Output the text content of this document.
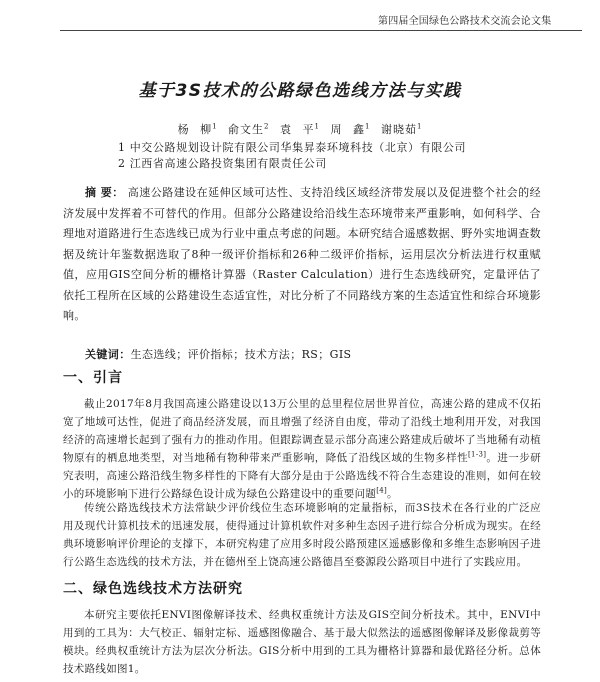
第四届全国绿色公路技术交流会论文集
基于3S技术的公路绿色选线方法与实践
杨 柳$^1$ 俞文生$^2$ 袁 平$^1$ 周 鑫$^1$ 谢晓茹$^1$
1 中交公路规划设计院有限公司华集昇泰环境科技（北京）有限公司
2 江西省高速公路投资集团有限责任公司
摘 要： 高速公路建设在延伸区域可达性、支持沿线区域经济带发展以及促进整个社会的经济发展中发挥着不可替代的作用。但部分公路建设给沿线生态环境带来严重影响，如何科学、合理地对道路进行生态选线已成为行业中重点考虑的问题。本研究结合遥感数据、野外实地调查数据及统计年鉴数据选取了8种一级评价指标和26种二级评价指标，运用层次分析法进行权重赋值，应用GIS空间分析的栅格计算器（Raster Calculation）进行生态选线研究，定量评估了依托工程所在区域的公路建设生态适宜性，对比分析了不同路线方案的生态适宜性和综合环境影响。
关键词：生态选线；评价指标；技术方法；RS；GIS
一、引言
截止2017年8月我国高速公路建设以13万公里的总里程位居世界首位，高速公路的建成不仅拓宽了地域可达性，促进了商品经济发展，而且增强了经济自由度，带动了沿线土地利用开发，对我国经济的高速增长起到了强有力的推动作用。但跟踪调查显示部分高速公路建成后破坏了当地稀有动植物原有的栖息地类型，对当地稀有物种带来严重影响，降低了沿线区域的生物多样性[1-3]。进一步研究表明，高速公路沿线生物多样性的下降有大部分是由于公路选线不符合生态建设的准则，如何在较小的环境影响下进行公路绿色设计成为绿色公路建设中的重要问题[4]。
传统公路选线技术方法常缺少评价线位生态环境影响的定量指标，而3S技术在各行业的广泛应用及现代计算机技术的迅速发展，使得通过计算机软件对多种生态因子进行综合分析成为现实。在经典环境影响评价理论的支撑下，本研究构建了应用多时段公路预建区遥感影像和多维生态影响因子进行公路生态选线的技术方法，并在德州至上饶高速公路德昌至婺源段公路项目中进行了实践应用。
二、绿色选线技术方法研究
本研究主要依托ENVI图像解译技术、经典权重统计方法及GIS空间分析技术。其中，ENVI中用到的工具为：大气校正、辐射定标、遥感图像融合、基于最大似然法的遥感图像解译及影像裁剪等模块。经典权重统计方法为层次分析法。GIS分析中用到的工具为栅格计算器和最优路径分析。总体技术路线如图1。
